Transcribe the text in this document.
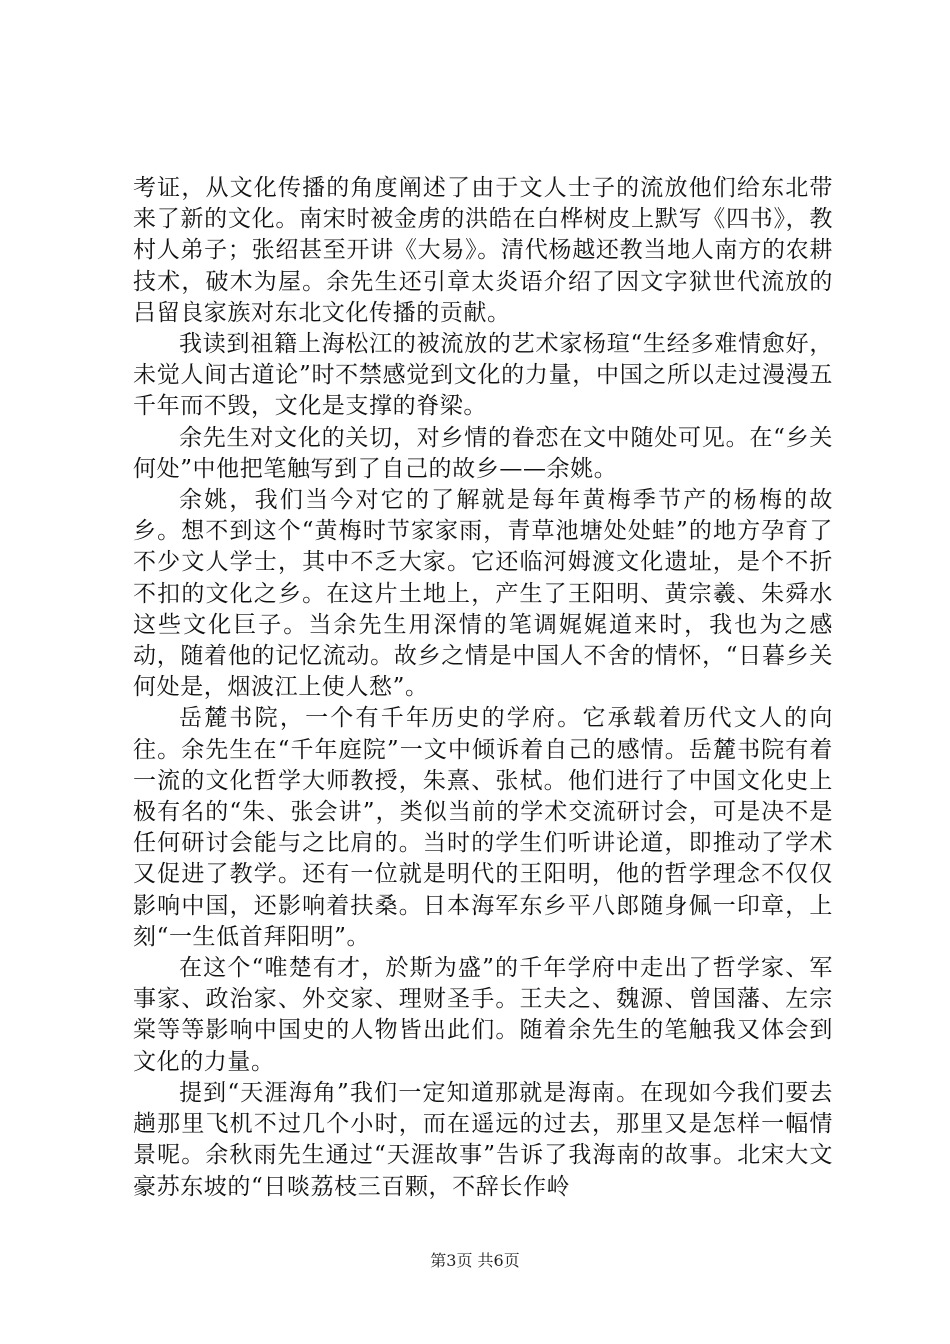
考证，从文化传播的角度阐述了由于文人士子的流放他们给东北带来了新的文化。南宋时被金虏的洪皓在白桦树皮上默写《四书》，教村人弟子；张绍甚至开讲《大易》。清代杨越还教当地人南方的农耕技术，破木为屋。余先生还引章太炎语介绍了因文字狱世代流放的吕留良家族对东北文化传播的贡献。

我读到祖籍上海松江的被流放的艺术家杨瑄“生经多难情愈好，未觉人间古道论”时不禁感觉到文化的力量，中国之所以走过漫漫五千年而不毁，文化是支撑的脊梁。

余先生对文化的关切，对乡情的眷恋在文中随处可见。在“乡关何处”中他把笔触写到了自己的故乡——余姚。

余姚，我们当今对它的了解就是每年黄梅季节产的杨梅的故乡。想不到这个“黄梅时节家家雨，青草池塘处处蛙”的地方孕育了不少文人学士，其中不乏大家。它还临河姆渡文化遗址，是个不折不扣的文化之乡。在这片土地上，产生了王阳明、黄宗羲、朱舜水这些文化巨子。当余先生用深情的笔调娓娓道来时，我也为之感动，随着他的记忆流动。故乡之情是中国人不舍的情怀，“日暮乡关何处是，烟波江上使人愁”。

岳麓书院，一个有千年历史的学府。它承载着历代文人的向往。余先生在“千年庭院”一文中倾诉着自己的感情。岳麓书院有着一流的文化哲学大师教授，朱熹、张栻。他们进行了中国文化史上极有名的“朱、张会讲”，类似当前的学术交流研讨会，可是决不是任何研讨会能与之比肩的。当时的学生们听讲论道，即推动了学术又促进了教学。还有一位就是明代的王阳明，他的哲学理念不仅仅影响中国，还影响着扶桑。日本海军东乡平八郎随身佩一印章，上刻“一生低首拜阳明”。

在这个“唯楚有才，於斯为盛”的千年学府中走出了哲学家、军事家、政治家、外交家、理财圣手。王夫之、魏源、曾国藩、左宗棠等等影响中国史的人物皆出此们。随着余先生的笔触我又体会到文化的力量。

提到“天涯海角”我们一定知道那就是海南。在现如今我们要去趟那里飞机不过几个小时，而在遥远的过去，那里又是怎样一幅情景呢。余秋雨先生通过“天涯故事”告诉了我海南的故事。北宋大文豪苏东坡的“日啖荔枝三百颗，不辞长作岭

第3页 共6页
